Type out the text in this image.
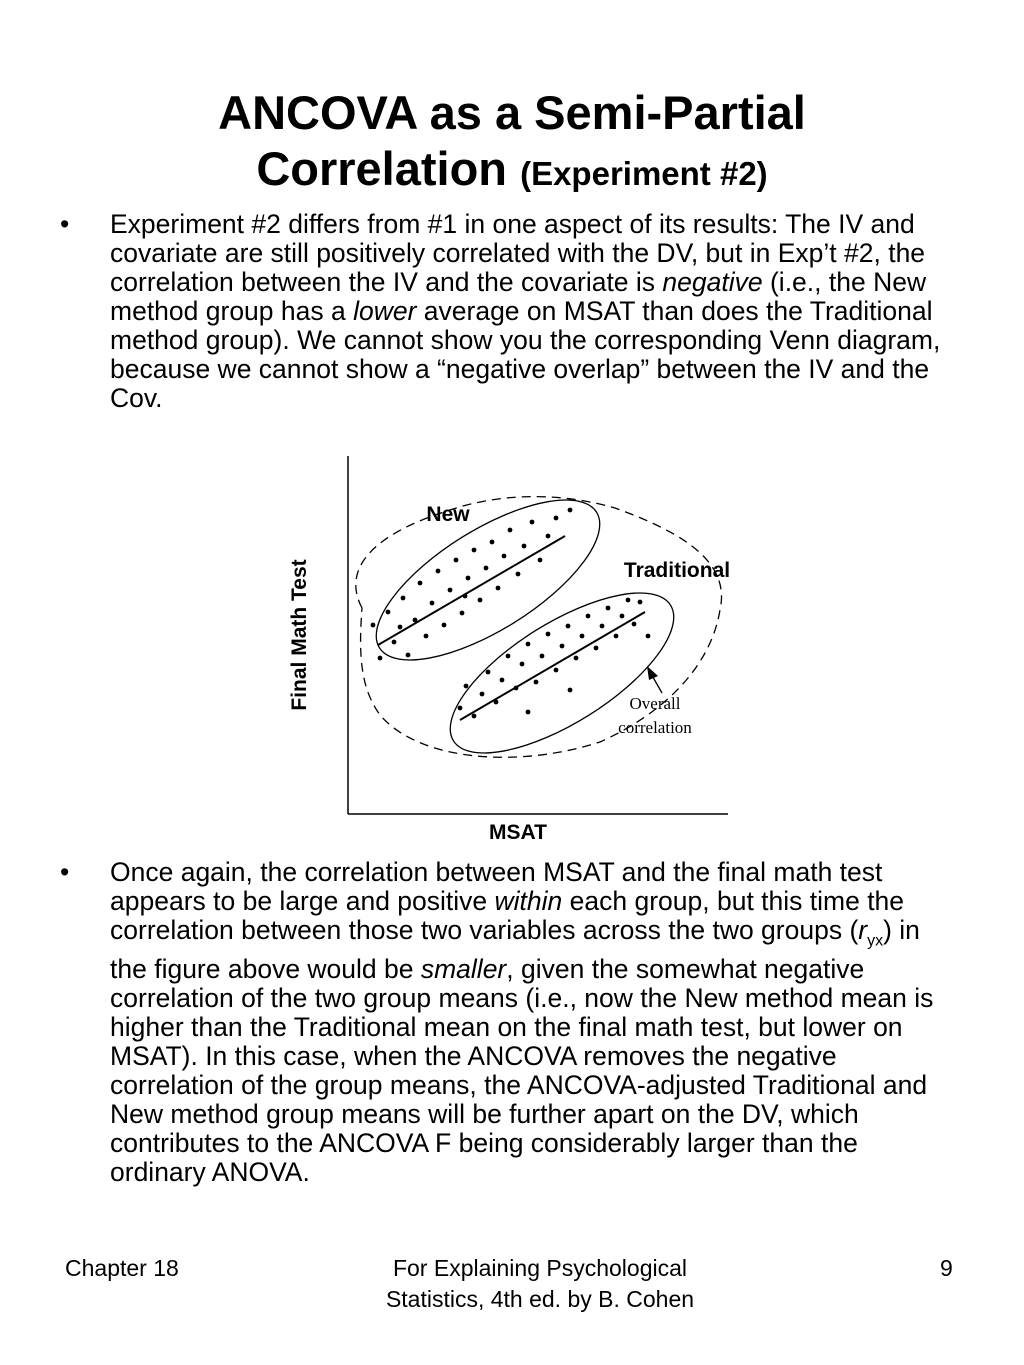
ANCOVA as a Semi-Partial
Correlation (Experiment #2)
• Experiment #2 differs from #1 in one aspect of its results: The IV and covariate are still positively correlated with the DV, but in Exp’t #2, the correlation between the IV and the covariate is negative (i.e., the New method group has a lower average on MSAT than does the Traditional method group). We cannot show you the corresponding Venn diagram, because we cannot show a “negative overlap” between the IV and the Cov.
Final Math Test
MSAT
New
Traditional
Overall
correlation
• Once again, the correlation between MSAT and the final math test appears to be large and positive within each group, but this time the correlation between those two variables across the two groups $(r_{yx})$ in the figure above would be smaller, given the somewhat negative correlation of the two group means (i.e., now the New method mean is higher than the Traditional mean on the final math test, but lower on MSAT). In this case, when the ANCOVA removes the negative correlation of the group means, the ANCOVA-adjusted Traditional and New method group means will be further apart on the DV, which contributes to the ANCOVA F being considerably larger than the ordinary ANOVA.
Chapter 18	For Explaining Psychological
Statistics, 4th ed. by B. Cohen
9
